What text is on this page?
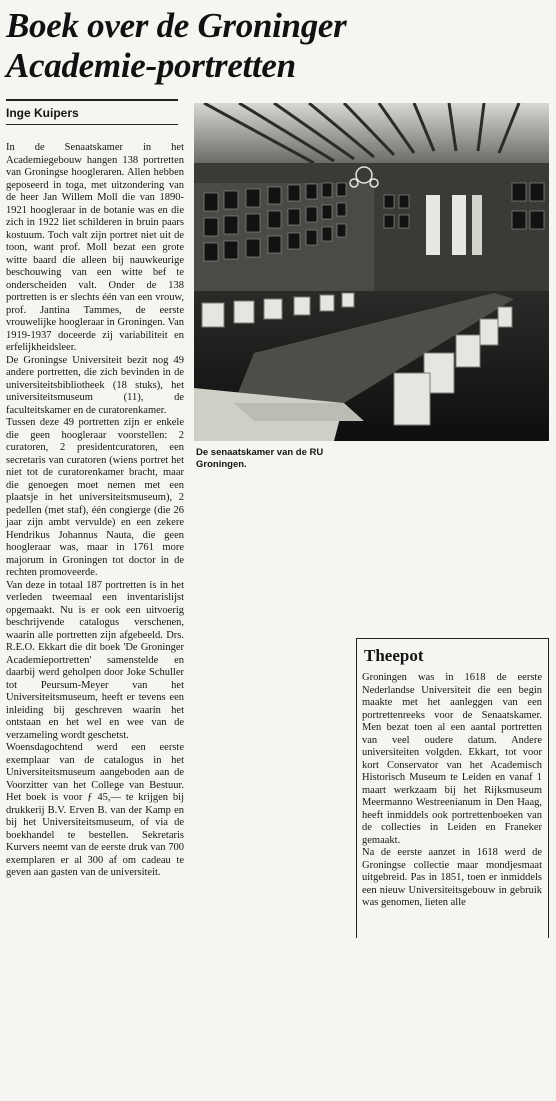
Boek over de Groninger
Academie-portretten
Inge Kuipers

In de Senaatskamer in het Academiegebouw hangen 138 portretten van Groningse hoogleraren. Allen hebben geposeerd in toga, met uitzondering van de heer Jan Willem Moll die van 1890-1921 hoogleraar in de botanie was en die zich in 1922 liet schilderen in bruin paars kostuum. Toch valt zijn portret niet uit de toon, want prof. Moll bezat een grote witte baard die alleen bij nauwkeurige beschouwing van een witte bef te onderscheiden valt. Onder de 138 portretten is er slechts één van een vrouw, prof. Jantina Tammes, de eerste vrouwelijke hoogleraar in Groningen. Van 1919-1937 doceerde zij variabiliteit en erfelijkheidsleer.

De Groningse Universiteit bezit nog 49 andere portretten, die zich bevinden in de universiteitsbibliotheek (18 stuks), het universiteitsmuseum (11), de faculteitskamer en de curatorenkamer.

Tussen deze 49 portretten zijn er enkele die geen hoogleraar voorstellen: 2 curatoren, 2 presidentcuratoren, een secretaris van curatoren (wiens portret het niet tot de curatorenkamer bracht, maar die genoegen moet nemen met een plaatsje in het universiteitsmuseum), 2 pedellen (met staf), één congierge (die 26 jaar zijn ambt vervulde) en een zekere Hendrikus Johannus Nauta, die geen hoogleraar was, maar in 1761 more majorum in Groningen tot doctor in de rechten promoveerde.

Van deze in totaal 187 portretten is in het verleden tweemaal een inventarislijst opgemaakt. Nu is er ook een uitvoerig beschrijvende catalogus verschenen, waarin alle portretten zijn afgebeeld. Drs. R.E.O. Ekkart die dit boek 'De Groninger Academieportretten' samenstelde en daarbij werd geholpen door Joke Schuller tot Peursum-Meyer van het Universiteitsmuseum, heeft er tevens een inleiding bij geschreven waarin het ontstaan en het wel en wee van de verzameling wordt geschetst.

Woensdagochtend werd een eerste exemplaar van de catalogus in het Universiteitsmuseum aangeboden aan de Voorzitter van het College van Bestuur. Het boek is voor ƒ 45,— te krijgen bij drukkerij B.V. Erven B. van der Kamp en bij het Universiteitsmuseum, of via de boekhandel te bestellen. Sekretaris Kurvers neemt van de eerste druk van 700 exemplaren er al 300 af om cadeau te geven aan gasten van de universiteit.

De senaatskamer van de RU Groningen.
Theepot

Groningen was in 1618 de eerste Nederlandse Universiteit die een begin maakte met het aanleggen van een portrettenreeks voor de Senaatskamer. Men bezat toen al een aantal portretten van veel oudere datum. Andere universiteiten volgden. Ekkart, tot voor kort Conservator van het Academisch Historisch Museum te Leiden en vanaf 1 maart werkzaam bij het Rijksmuseum Meermanno Westreenianum in Den Haag, heeft inmiddels ook portrettenboeken van de collecties in Leiden en Franeker gemaakt.

Na de eerste aanzet in 1618 werd de Groningse collectie maar mondjesmaat uitgebreid. Pas in 1851, toen er inmiddels een nieuw Universiteitsgebouw in gebruik was genomen, lieten alle
